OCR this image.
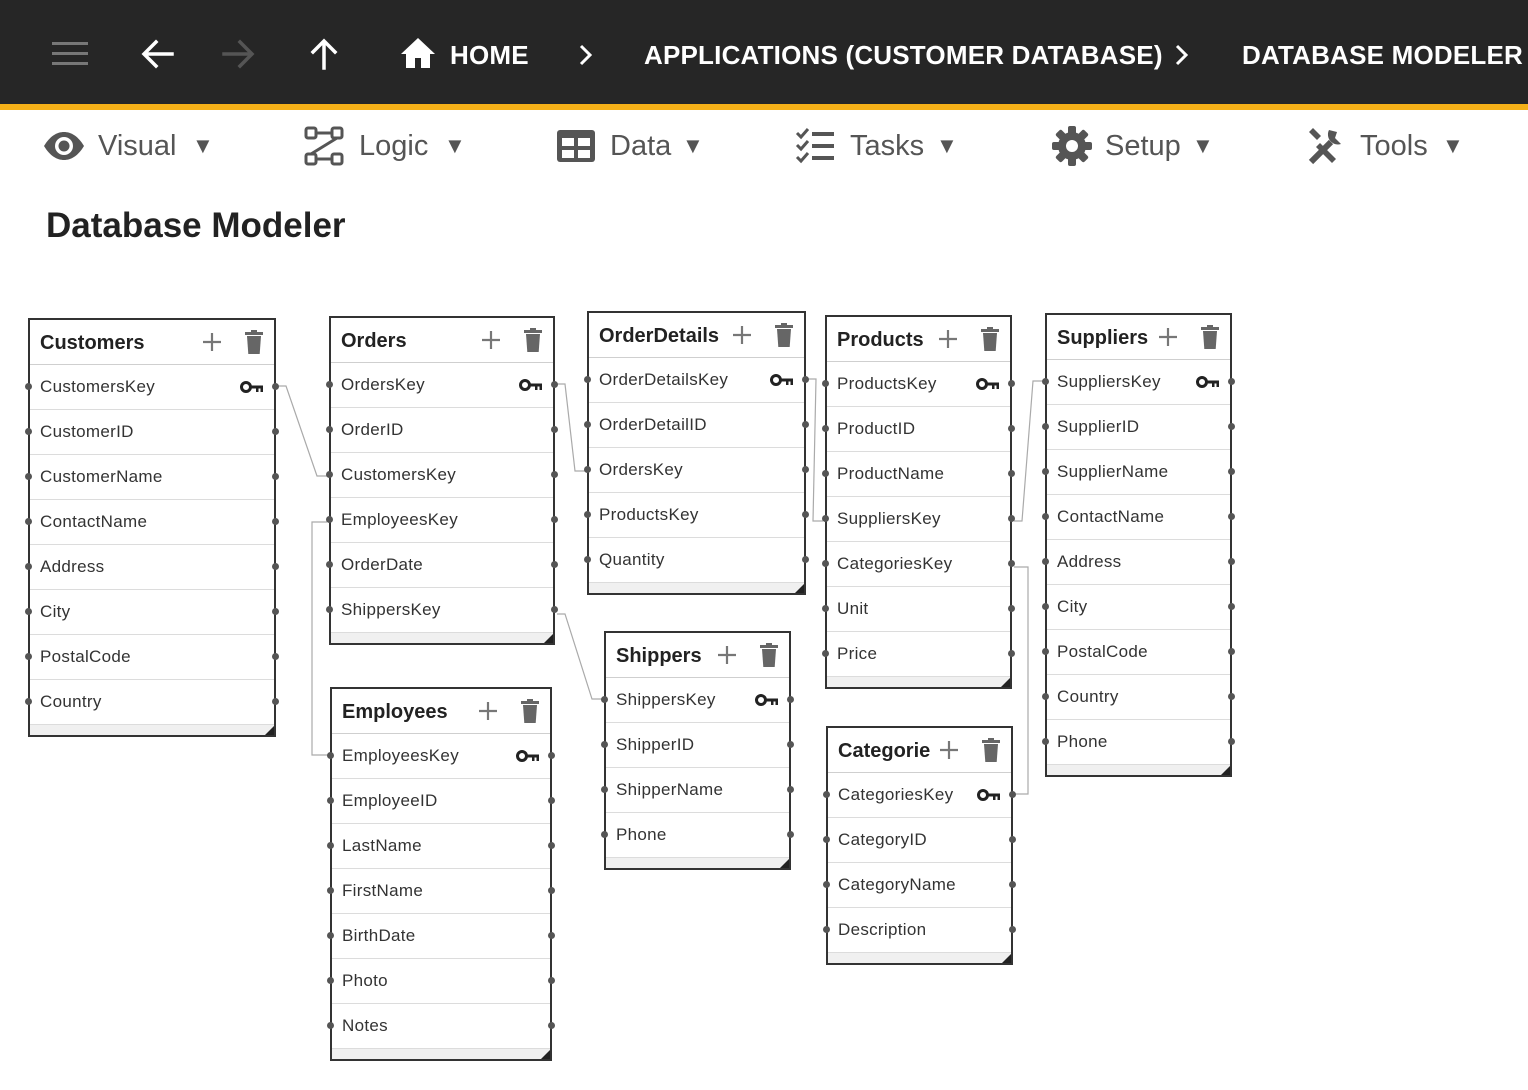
HOME	APPLICATIONS (CUSTOMER DATABASE)	DATABASE MODELER
Visual ▼	Logic ▼	Data ▼	Tasks ▼	Setup ▼	Tools ▼
Database Modeler
Customers
CustomersKey
CustomerID
CustomerName
ContactName
Address
City
PostalCode
Country
Orders
OrdersKey
OrderID
CustomersKey
EmployeesKey
OrderDate
ShippersKey
OrderDetails
OrderDetailsKey
OrderDetailID
OrdersKey
ProductsKey
Quantity
Products
ProductsKey
ProductID
ProductName
SuppliersKey
CategoriesKey
Unit
Price
Suppliers
SuppliersKey
SupplierID
SupplierName
ContactName
Address
City
PostalCode
Country
Phone
Employees
EmployeesKey
EmployeeID
LastName
FirstName
BirthDate
Photo
Notes
Shippers
ShippersKey
ShipperID
ShipperName
Phone
Categorie
CategoriesKey
CategoryID
CategoryName
Description
